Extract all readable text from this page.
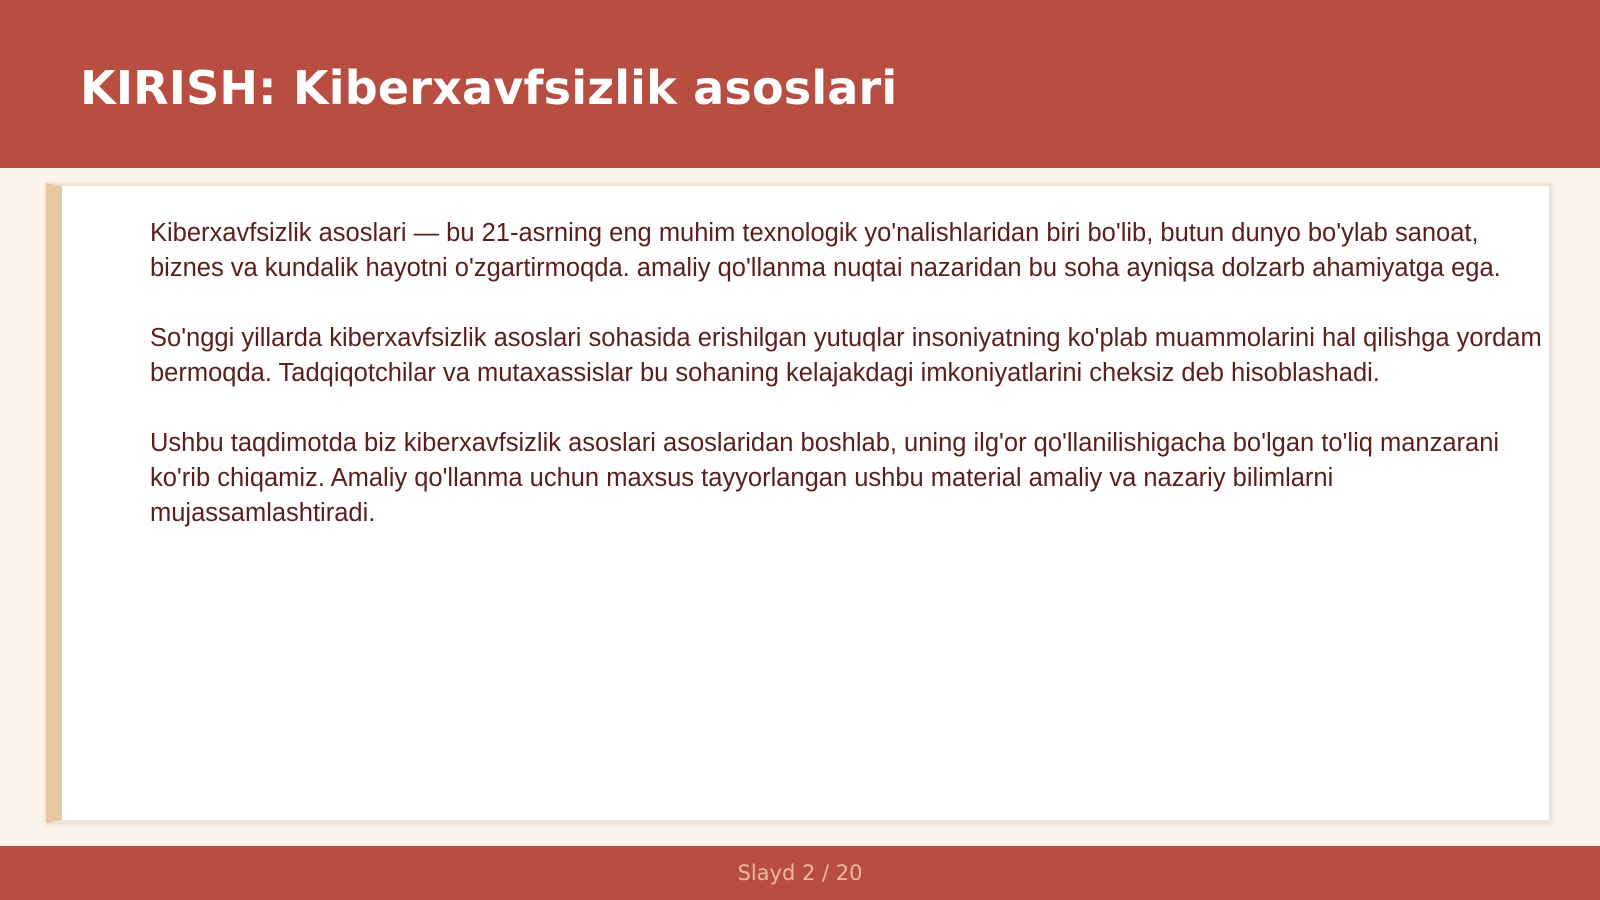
KIRISH: Kiberxavfsizlik asoslari

Kiberxavfsizlik asoslari — bu 21-asrning eng muhim texnologik yo'nalishlaridan biri bo'lib, butun dunyo bo'ylab sanoat, biznes va kundalik hayotni o'zgartirmoqda. amaliy qo'llanma nuqtai nazaridan bu soha ayniqsa dolzarb ahamiyatga ega.

So'nggi yillarda kiberxavfsizlik asoslari sohasida erishilgan yutuqlar insoniyatning ko'plab muammolarini hal qilishga yordam bermoqda. Tadqiqotchilar va mutaxassislar bu sohaning kelajakdagi imkoniyatlarini cheksiz deb hisoblashadi.

Ushbu taqdimotda biz kiberxavfsizlik asoslari asoslaridan boshlab, uning ilg'or qo'llanilishigacha bo'lgan to'liq manzarani ko'rib chiqamiz. Amaliy qo'llanma uchun maxsus tayyorlangan ushbu material amaliy va nazariy bilimlarni mujassamlashtiradi.

Slayd 2 / 20
